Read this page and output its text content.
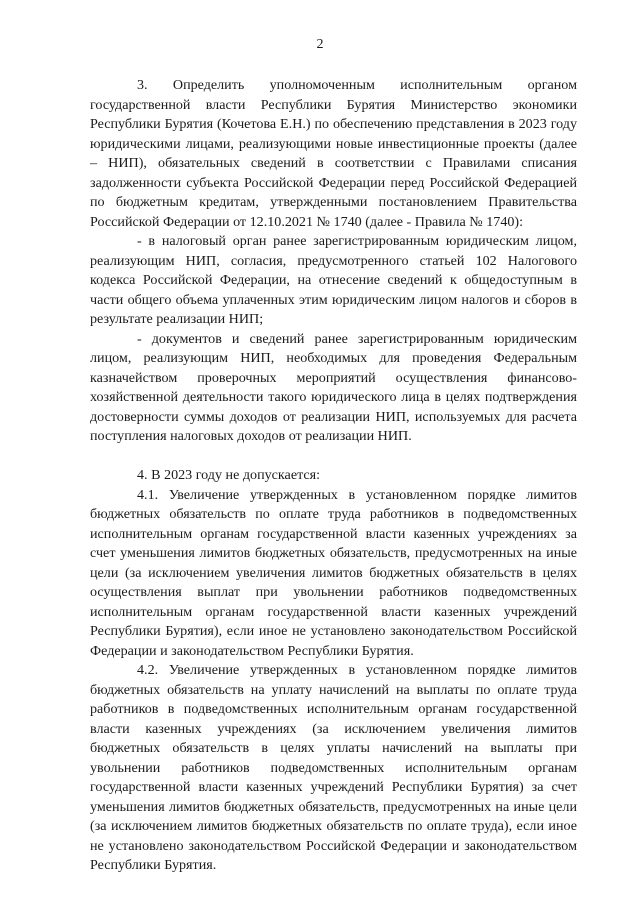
2

3. Определить уполномоченным исполнительным органом государственной власти Республики Бурятия Министерство экономики Республики Бурятия (Кочетова Е.Н.) по обеспечению представления в 2023 году юридическими лицами, реализующими новые инвестиционные проекты (далее – НИП), обязательных сведений в соответствии с Правилами списания задолженности субъекта Российской Федерации перед Российской Федерацией по бюджетным кредитам, утвержденными постановлением Правительства Российской Федерации от 12.10.2021 № 1740 (далее - Правила № 1740):

- в налоговый орган ранее зарегистрированным юридическим лицом, реализующим НИП, согласия, предусмотренного статьей 102 Налогового кодекса Российской Федерации, на отнесение сведений к общедоступным в части общего объема уплаченных этим юридическим лицом налогов и сборов в результате реализации НИП;

- документов и сведений ранее зарегистрированным юридическим лицом, реализующим НИП, необходимых для проведения Федеральным казначейством проверочных мероприятий осуществления финансово-хозяйственной деятельности такого юридического лица в целях подтверждения достоверности суммы доходов от реализации НИП, используемых для расчета поступления налоговых доходов от реализации НИП.

4. В 2023 году не допускается:

4.1. Увеличение утвержденных в установленном порядке лимитов бюджетных обязательств по оплате труда работников в подведомственных исполнительным органам государственной власти казенных учреждениях за счет уменьшения лимитов бюджетных обязательств, предусмотренных на иные цели (за исключением увеличения лимитов бюджетных обязательств в целях осуществления выплат при увольнении работников подведомственных исполнительным органам государственной власти казенных учреждений Республики Бурятия), если иное не установлено законодательством Российской Федерации и законодательством Республики Бурятия.

4.2. Увеличение утвержденных в установленном порядке лимитов бюджетных обязательств на уплату начислений на выплаты по оплате труда работников в подведомственных исполнительным органам государственной власти казенных учреждениях (за исключением увеличения лимитов бюджетных обязательств в целях уплаты начислений на выплаты при увольнении работников подведомственных исполнительным органам государственной власти казенных учреждений Республики Бурятия) за счет уменьшения лимитов бюджетных обязательств, предусмотренных на иные цели (за исключением лимитов бюджетных обязательств по оплате труда), если иное не установлено законодательством Российской Федерации и законодательством Республики Бурятия.
